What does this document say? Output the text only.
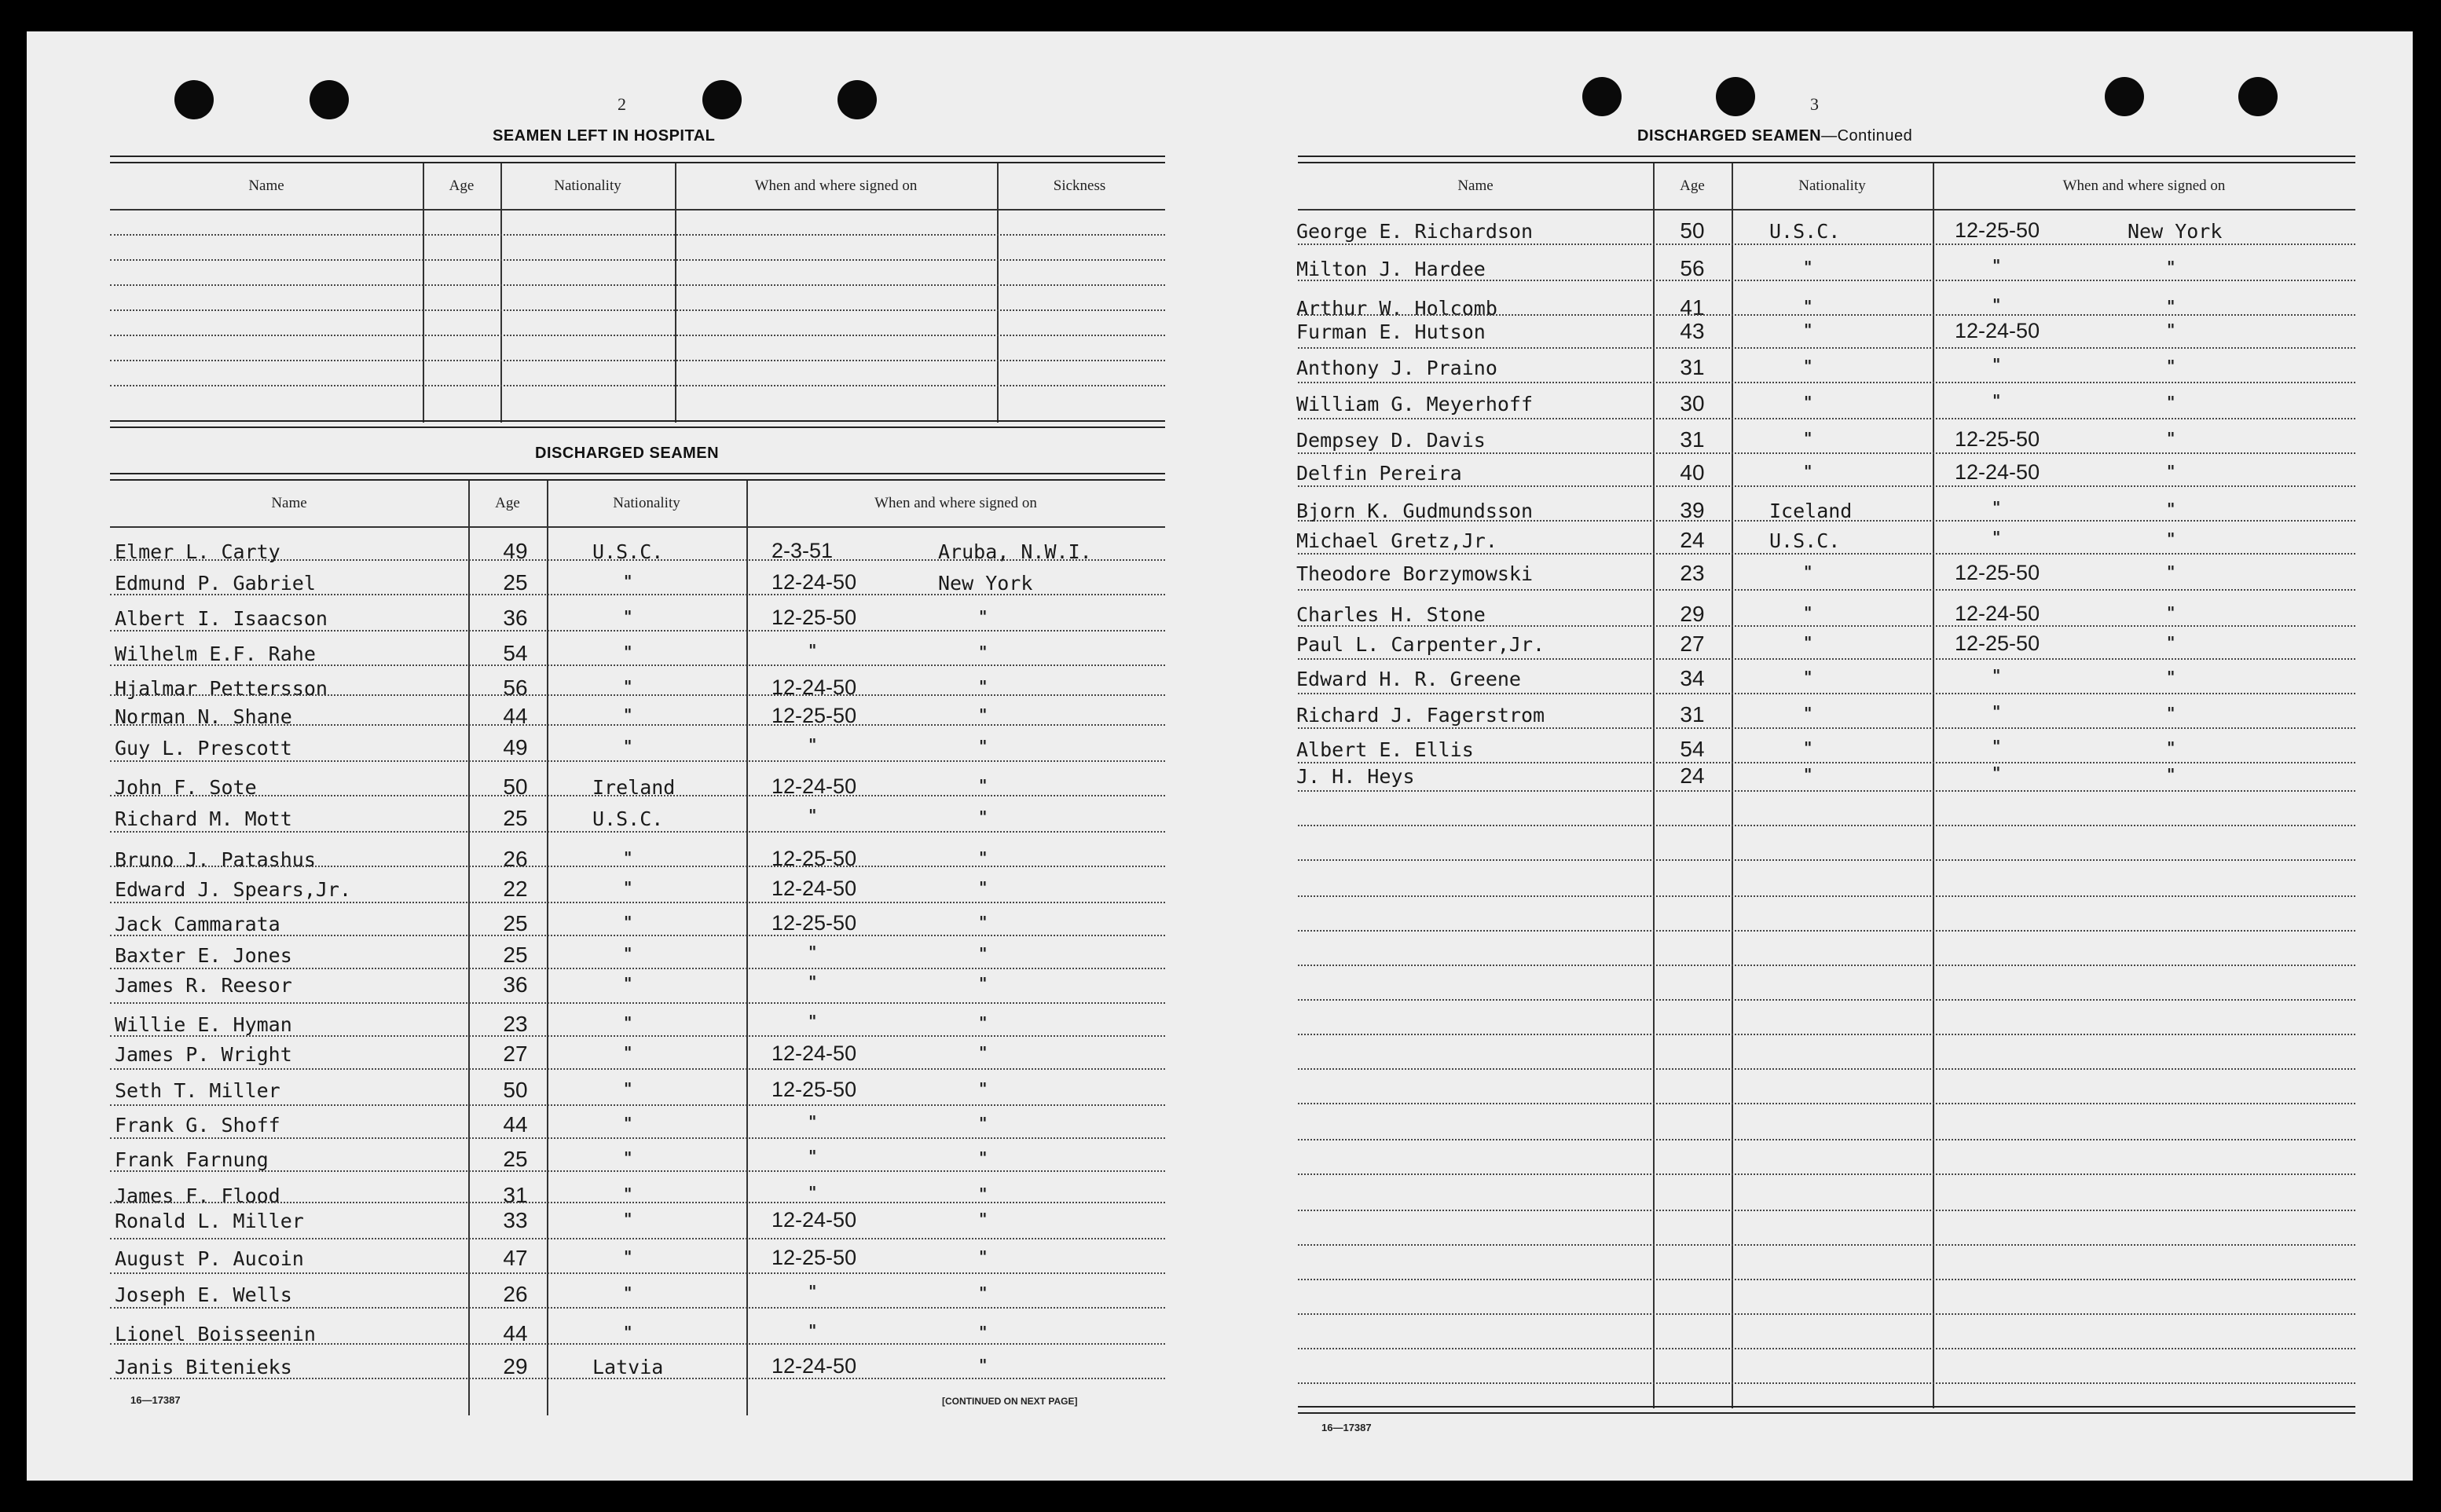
2
SEAMEN LEFT IN HOSPITAL
Name	Age	Nationality	When and where signed on	Sickness
DISCHARGED SEAMEN
Name	Age	Nationality	When and where signed on
Elmer L. Carty	49	U.S.C.	2-3-51	Aruba, N.W.I.
Edmund P. Gabriel	25	"	12-24-50	New York
Albert I. Isaacson	36	"	12-25-50	"
Wilhelm E.F. Rahe	54	"	"	"
Hjalmar Pettersson	56	"	12-24-50	"
Norman N. Shane	44	"	12-25-50	"
Guy L. Prescott	49	"	"	"
John F. Sote	50	Ireland	12-24-50	"
Richard M. Mott	25	U.S.C.	"	"
Bruno J. Patashus	26	"	12-25-50	"
Edward J. Spears,Jr.	22	"	12-24-50	"
Jack Cammarata	25	"	12-25-50	"
Baxter E. Jones	25	"	"	"
James R. Reesor	36	"	"	"
Willie E. Hyman	23	"	"	"
James P. Wright	27	"	12-24-50	"
Seth T. Miller	50	"	12-25-50	"
Frank G. Shoff	44	"	"	"
Frank Farnung	25	"	"	"
James F. Flood	31	"	"	"
Ronald L. Miller	33	"	12-24-50	"
August P. Aucoin	47	"	12-25-50	"
Joseph E. Wells	26	"	"	"
Lionel Boisseenin	44	"	"	"
Janis Bitenieks	29	Latvia	12-24-50	"
16—17387	[CONTINUED ON NEXT PAGE]
3
DISCHARGED SEAMEN—Continued
Name	Age	Nationality	When and where signed on
George E. Richardson	50	U.S.C.	12-25-50	New York
Milton J. Hardee	56	"	"	"
Arthur W. Holcomb	41	"	"	"
Furman E. Hutson	43	"	12-24-50	"
Anthony J. Praino	31	"	"	"
William G. Meyerhoff	30	"	"	"
Dempsey D. Davis	31	"	12-25-50	"
Delfin Pereira	40	"	12-24-50	"
Bjorn K. Gudmundsson	39	Iceland	"	"
Michael Gretz,Jr.	24	U.S.C.	"	"
Theodore Borzymowski	23	"	12-25-50	"
Charles H. Stone	29	"	12-24-50	"
Paul L. Carpenter,Jr.	27	"	12-25-50	"
Edward H. R. Greene	34	"	"	"
Richard J. Fagerstrom	31	"	"	"
Albert E. Ellis	54	"	"	"
J. H. Heys	24	"	"	"
16—17387
